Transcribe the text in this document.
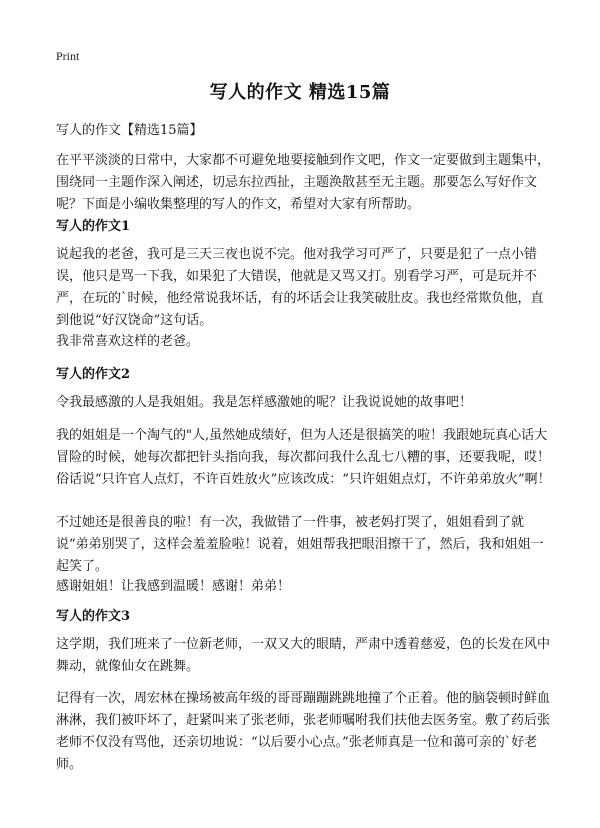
Print
写人的作文 精选15篇

写人的作文【精选15篇】

在平平淡淡的日常中，大家都不可避免地要接触到作文吧，作文一定要做到主题集中，围绕同一主题作深入阐述，切忌东拉西扯，主题涣散甚至无主题。那要怎么写好作文呢？下面是小编收集整理的写人的作文，希望对大家有所帮助。

写人的作文1

说起我的老爸，我可是三天三夜也说不完。他对我学习可严了，只要是犯了一点小错误，他只是骂一下我，如果犯了大错误，他就是又骂又打。别看学习严，可是玩并不严，在玩的`时候，他经常说我坏话，有的坏话会让我笑破肚皮。我也经常欺负他，直到他说“好汉饶命”这句话。

我非常喜欢这样的老爸。

写人的作文2

令我最感激的人是我姐姐。我是怎样感激她的呢？让我说说她的故事吧！

我的姐姐是一个淘气的"人,虽然她成绩好，但为人还是很搞笑的啦！我跟她玩真心话大冒险的时候，她每次都把针头指向我，每次都问我什么乱七八糟的事，还要我呢，哎！俗话说“只许官人点灯，不许百姓放火”应该改成：“只许姐姐点灯，不许弟弟放火”啊！

不过她还是很善良的啦！有一次，我做错了一件事，被老妈打哭了，姐姐看到了就说“弟弟别哭了，这样会羞羞脸啦！说着，姐姐帮我把眼泪擦干了，然后，我和姐姐一起笑了。

感谢姐姐！让我感到温暖！感谢！弟弟！

写人的作文3

这学期，我们班来了一位新老师，一双又大的眼睛，严肃中透着慈爱，色的长发在风中舞动，就像仙女在跳舞。

记得有一次，周宏林在操场被高年级的哥哥蹦蹦跳跳地撞了个正着。他的脑袋顿时鲜血淋淋，我们被吓坏了，赶紧叫来了张老师，张老师嘱咐我们扶他去医务室。敷了药后张老师不仅没有骂他，还亲切地说：“以后要小心点。”张老师真是一位和蔼可亲的`好老师。
